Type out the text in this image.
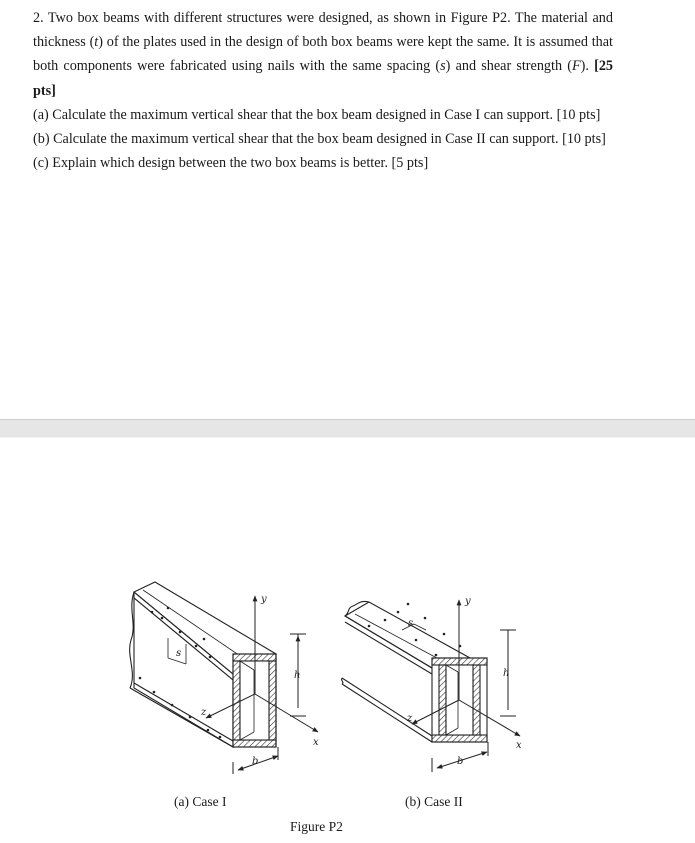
2. Two box beams with different structures were designed, as shown in Figure P2. The material and thickness (t) of the plates used in the design of both box beams were kept the same. It is assumed that both components were fabricated using nails with the same spacing (s) and shear strength (F). [25 pts]

(a) Calculate the maximum vertical shear that the box beam designed in Case I can support. [10 pts]

(b) Calculate the maximum vertical shear that the box beam designed in Case II can support. [10 pts]

(c) Explain which design between the two box beams is better. [5 pts]

y
h
x
z
b
s
y
h
x
z
b
s
(a) Case I	(b) Case II
Figure P2
